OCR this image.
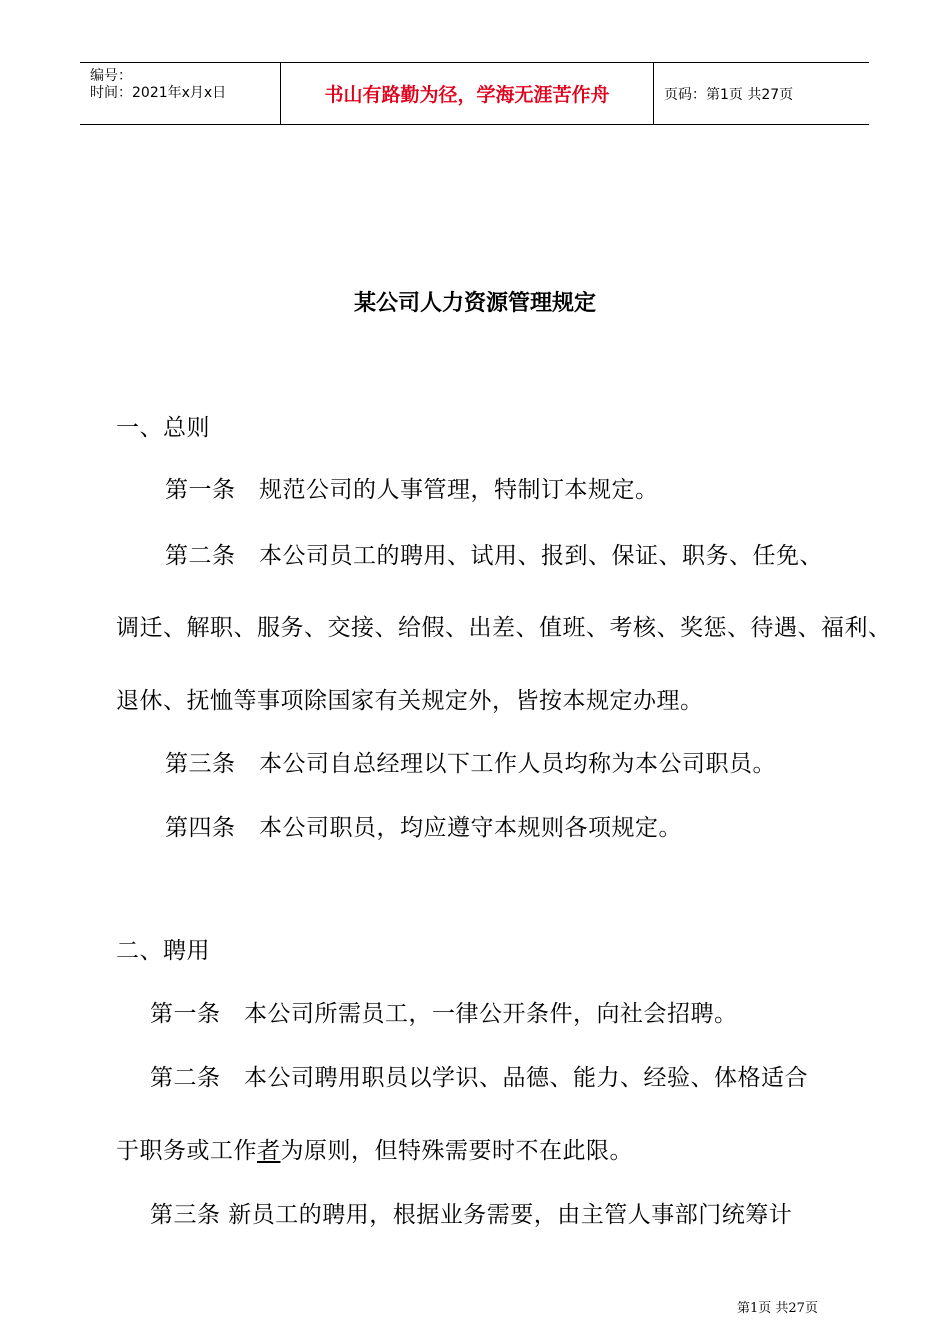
编号：
时间：2021年x月x日	书山有路勤为径，学海无涯苦作舟	页码：第1页 共27页
某公司人力资源管理规定
一、总则
第一条　规范公司的人事管理，特制订本规定。
第二条　本公司员工的聘用、试用、报到、保证、职务、任免、
调迁、解职、服务、交接、给假、出差、值班、考核、奖惩、待遇、福利、
退休、抚恤等事项除国家有关规定外，皆按本规定办理。
第三条　本公司自总经理以下工作人员均称为本公司职员。
第四条　本公司职员，均应遵守本规则各项规定。
二、聘用
第一条　本公司所需员工，一律公开条件，向社会招聘。
第二条　本公司聘用职员以学识、品德、能力、经验、体格适合
于职务或工作者为原则，但特殊需要时不在此限。
第三条 新员工的聘用，根据业务需要，由主管人事部门统筹计
第1页 共27页
